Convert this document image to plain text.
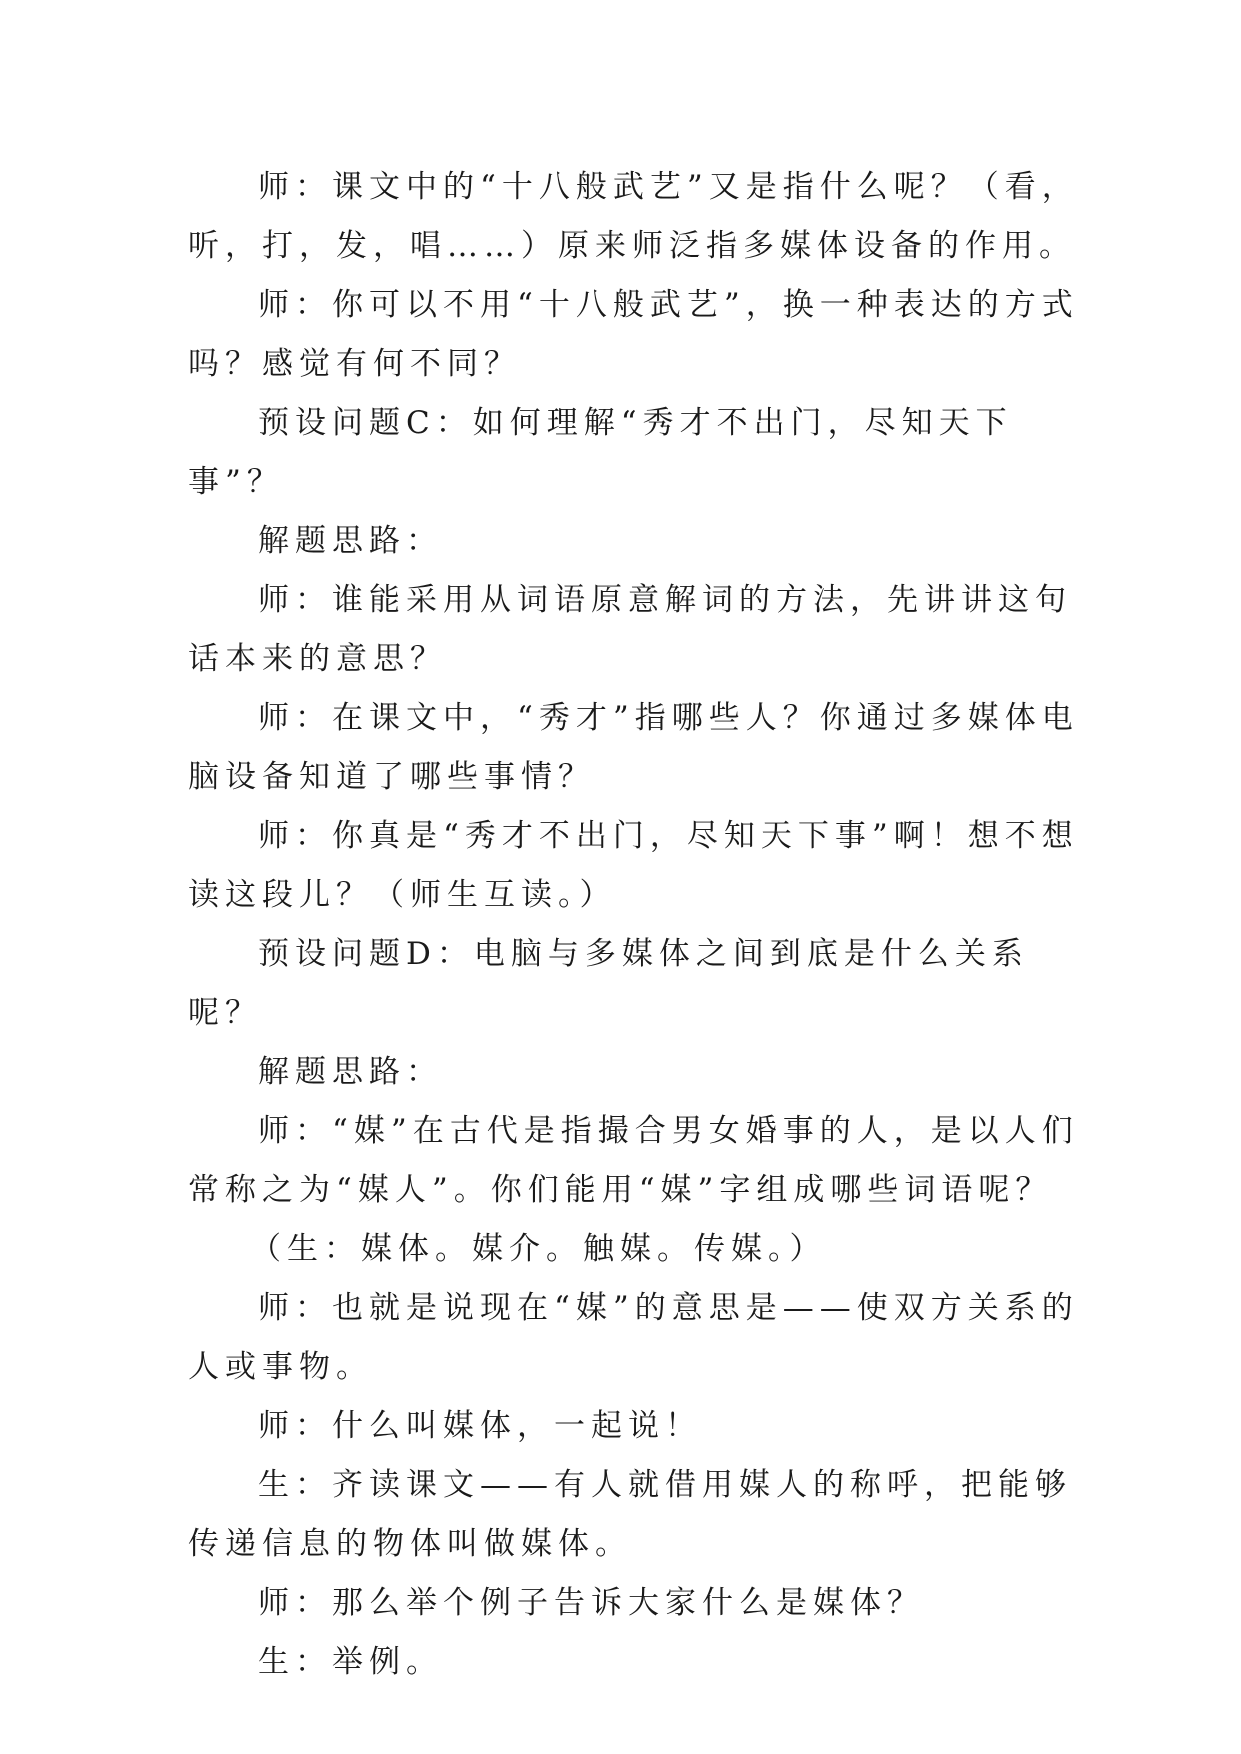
师：课文中的“十八般武艺”又是指什么呢？（看，听，打，发，唱……）原来师泛指多媒体设备的作用。

师：你可以不用“十八般武艺”，换一种表达的方式吗？感觉有何不同？

预设问题C：如何理解“秀才不出门，尽知天下事”？

解题思路：

师：谁能采用从词语原意解词的方法，先讲讲这句话本来的意思？

师：在课文中，“秀才”指哪些人？你通过多媒体电脑设备知道了哪些事情？

师：你真是“秀才不出门，尽知天下事”啊！想不想读这段儿？（师生互读。）

预设问题D：电脑与多媒体之间到底是什么关系呢？

解题思路：

师：“媒”在古代是指撮合男女婚事的人，是以人们常称之为“媒人”。你们能用“媒”字组成哪些词语呢？

（生：媒体。媒介。触媒。传媒。）

师：也就是说现在“媒”的意思是——使双方关系的人或事物。

师：什么叫媒体，一起说！

生：齐读课文——有人就借用媒人的称呼，把能够传递信息的物体叫做媒体。

师：那么举个例子告诉大家什么是媒体？

生：举例。
